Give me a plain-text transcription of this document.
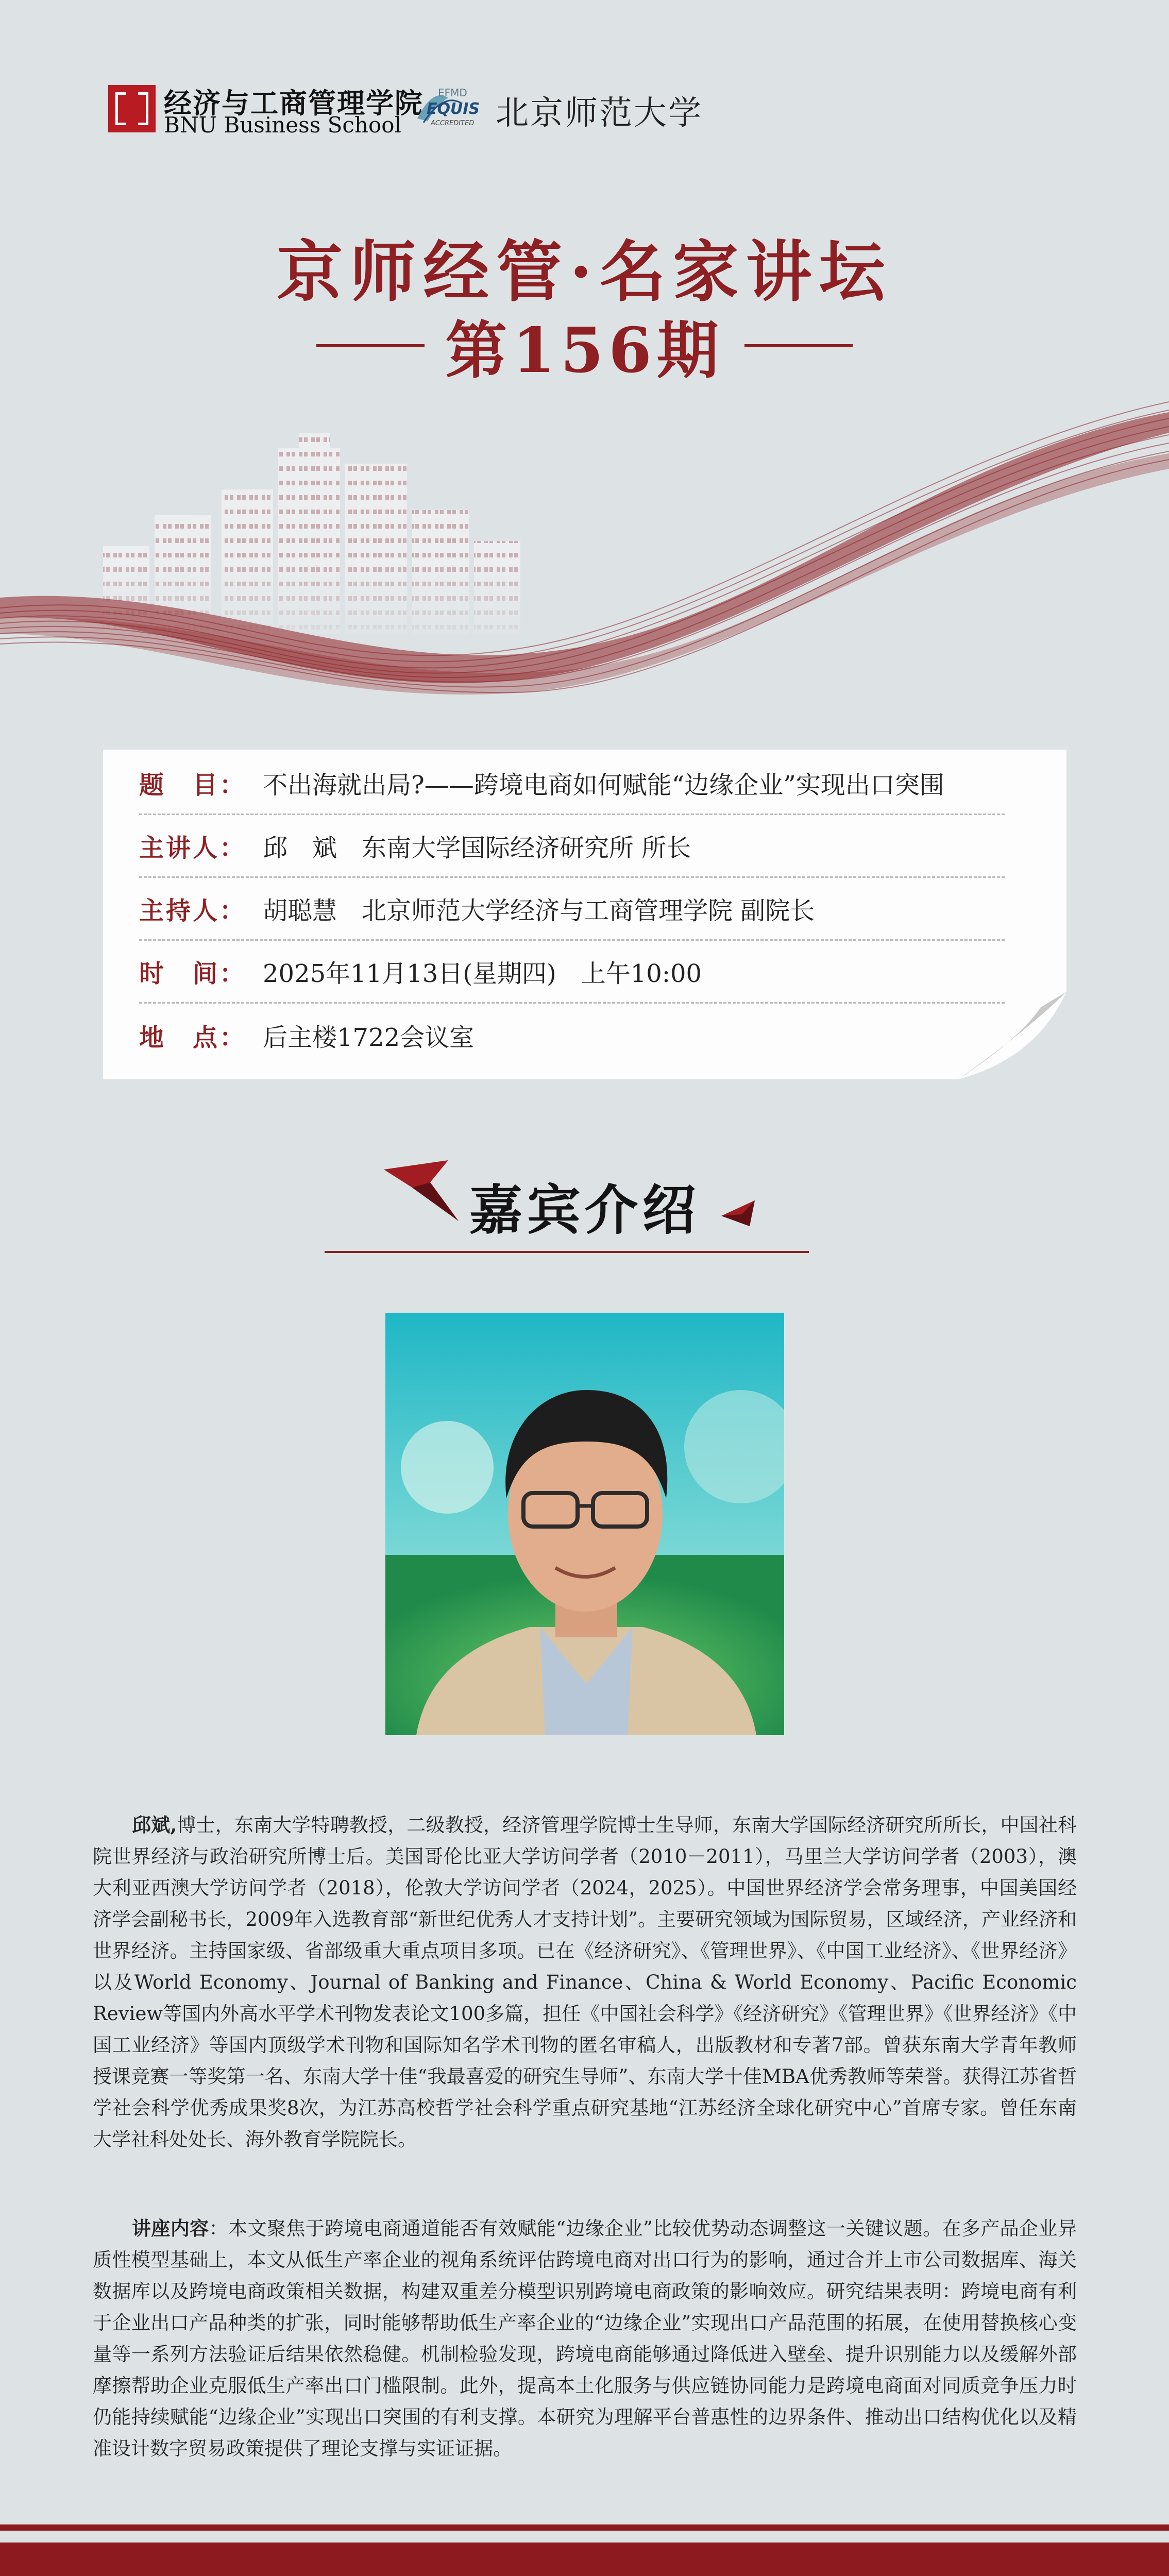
经济与工商管理学院
BNU Business School
EFMD
EQUIS
ACCREDITED 北京师范大学
京师经管·名家讲坛
第156期
题　目： 不出海就出局?——跨境电商如何赋能“边缘企业”实现出口突围
主讲人： 邱　斌　东南大学国际经济研究所 所长
主持人： 胡聪慧　北京师范大学经济与工商管理学院 副院长
时　间： 2025年11月13日(星期四)　上午10:00
地　点： 后主楼1722会议室
嘉宾介绍
邱斌,博士，东南大学特聘教授，二级教授，经济管理学院博士生导师，东南大学国际经济研究所所长，中国社科院世界经济与政治研究所博士后。美国哥伦比亚大学访问学者（2010－2011），马里兰大学访问学者（2003），澳大利亚西澳大学访问学者（2018），伦敦大学访问学者（2024，2025）。中国世界经济学会常务理事，中国美国经济学会副秘书长，2009年入选教育部“新世纪优秀人才支持计划”。主要研究领域为国际贸易，区域经济，产业经济和世界经济。主持国家级、省部级重大重点项目多项。已在《经济研究》、《管理世界》、《中国工业经济》、《世界经济》以及World Economy、Journal of Banking and Finance、China & World Economy、Pacific Economic Review等国内外高水平学术刊物发表论文100多篇，担任《中国社会科学》《经济研究》《管理世界》《世界经济》《中国工业经济》等国内顶级学术刊物和国际知名学术刊物的匿名审稿人，出版教材和专著7部。曾获东南大学青年教师授课竞赛一等奖第一名、东南大学十佳“我最喜爱的研究生导师”、东南大学十佳MBA优秀教师等荣誉。获得江苏省哲学社会科学优秀成果奖8次，为江苏高校哲学社会科学重点研究基地“江苏经济全球化研究中心”首席专家。曾任东南大学社科处处长、海外教育学院院长。
讲座内容：本文聚焦于跨境电商通道能否有效赋能“边缘企业”比较优势动态调整这一关键议题。在多产品企业异质性模型基础上，本文从低生产率企业的视角系统评估跨境电商对出口行为的影响，通过合并上市公司数据库、海关数据库以及跨境电商政策相关数据，构建双重差分模型识别跨境电商政策的影响效应。研究结果表明：跨境电商有利于企业出口产品种类的扩张，同时能够帮助低生产率企业的“边缘企业”实现出口产品范围的拓展，在使用替换核心变量等一系列方法验证后结果依然稳健。机制检验发现，跨境电商能够通过降低进入壁垒、提升识别能力以及缓解外部摩擦帮助企业克服低生产率出口门槛限制。此外，提高本土化服务与供应链协同能力是跨境电商面对同质竞争压力时仍能持续赋能“边缘企业”实现出口突围的有利支撑。本研究为理解平台普惠性的边界条件、推动出口结构优化以及精准设计数字贸易政策提供了理论支撑与实证证据。
